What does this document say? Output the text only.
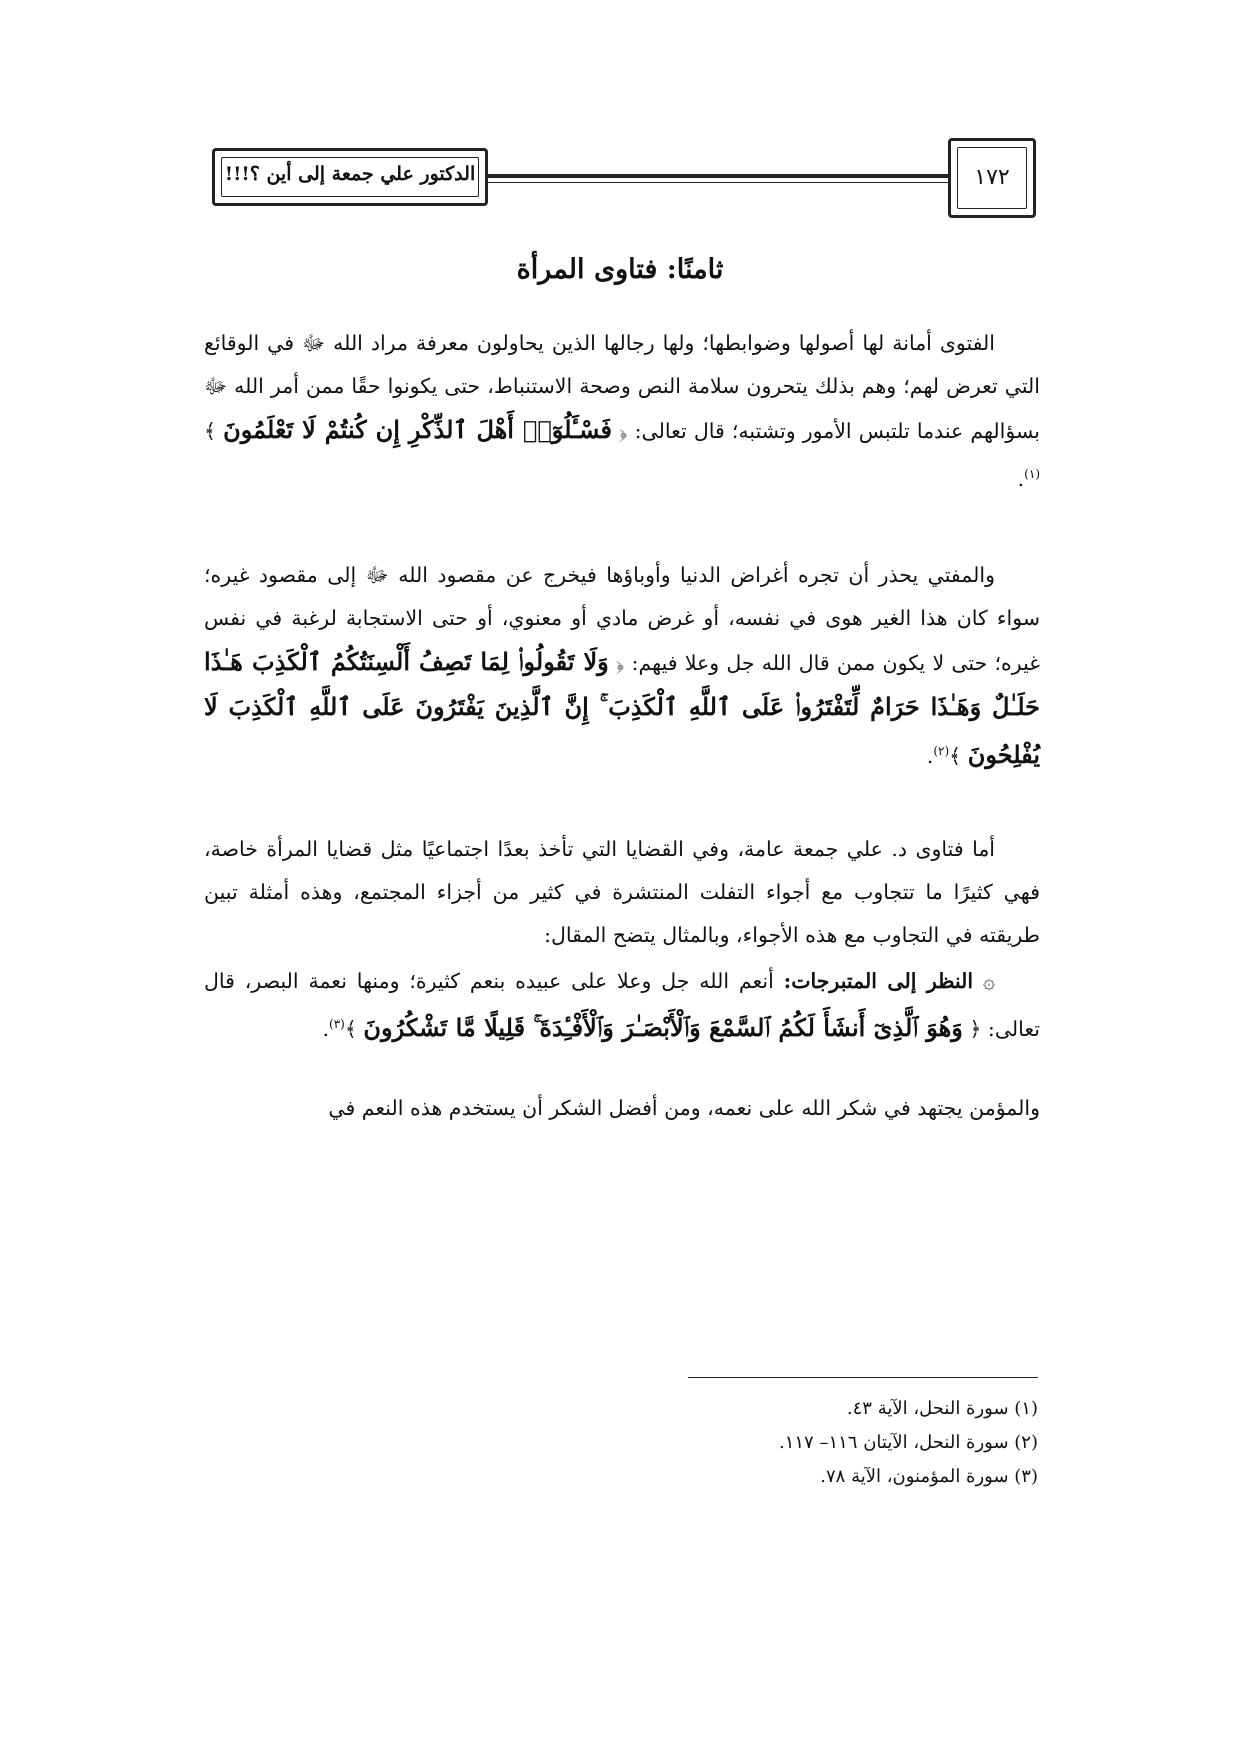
الدكتور علي جمعة إلى أين ؟!!!	١٧٢
ثامنًا: فتاوى المرأة

الفتوى أمانة لها أصولها وضوابطها؛ ولها رجالها الذين يحاولون معرفة مراد الله ﷻ في الوقائع التي تعرض لهم؛ وهم بذلك يتحرون سلامة النص وصحة الاستنباط، حتى يكونوا حقًا ممن أمر الله ﷻ بسؤالهم عندما تلتبس الأمور وتشتبه؛ قال تعالى: ﴿ فَسْـَٔلُوٓا۟ أَهْلَ ٱلذِّكْرِ إِن كُنتُمْ لَا تَعْلَمُونَ ﴾$^{(١)}$.

والمفتي يحذر أن تجره أغراض الدنيا وأوباؤها فيخرج عن مقصود الله ﷻ إلى مقصود غيره؛ سواء كان هذا الغير هوى في نفسه، أو غرض مادي أو معنوي، أو حتى الاستجابة لرغبة في نفس غيره؛ حتى لا يكون ممن قال الله جل وعلا فيهم: ﴿ وَلَا تَقُولُوا۟ لِمَا تَصِفُ أَلْسِنَتُكُمُ ٱلْكَذِبَ هَـٰذَا حَلَـٰلٌ وَهَـٰذَا حَرَامٌ لِّتَفْتَرُوا۟ عَلَى ٱللَّهِ ٱلْكَذِبَ ۚ إِنَّ ٱلَّذِينَ يَفْتَرُونَ عَلَى ٱللَّهِ ٱلْكَذِبَ لَا يُفْلِحُونَ ﴾$^{(٢)}$.

أما فتاوى د. علي جمعة عامة، وفي القضايا التي تأخذ بعدًا اجتماعيًا مثل قضايا المرأة خاصة، فهي كثيرًا ما تتجاوب مع أجواء التفلت المنتشرة في كثير من أجزاء المجتمع، وهذه أمثلة تبين طريقته في التجاوب مع هذه الأجواء، وبالمثال يتضح المقال:

۞ النظر إلى المتبرجات: أنعم الله جل وعلا على عبيده بنعم كثيرة؛ ومنها نعمة البصر، قال تعالى: ﴿ وَهُوَ ٱلَّذِىٓ أَنشَأَ لَكُمُ ٱلسَّمْعَ وَٱلْأَبْصَـٰرَ وَٱلْأَفْـِٔدَةَ ۚ قَلِيلًا مَّا تَشْكُرُونَ ﴾$^{(٣)}$.

والمؤمن يجتهد في شكر الله على نعمه، ومن أفضل الشكر أن يستخدم هذه النعم في

(١) سورة النحل، الآية ٤٣.
(٢) سورة النحل، الآيتان ١١٦– ١١٧.
(٣) سورة المؤمنون، الآية ٧٨.
